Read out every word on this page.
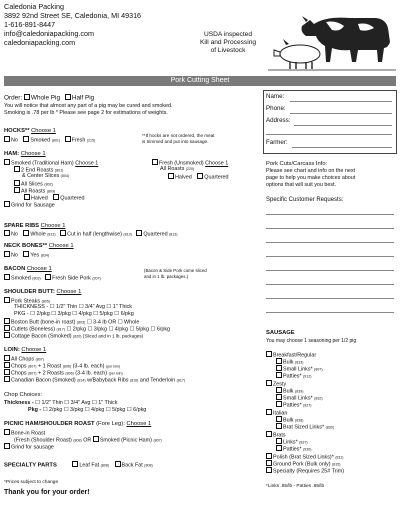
Caledonia Packing
3892 92nd Street SE, Caledonia, MI 49316
1-616-891-8447
info@caledoniapacking.com
caledoniapacking.com
USDA inspected
Kill and Processing
of Livestock
Pork Cutting Sheet
Order: Whole Pig Half Pig
You will notice that almost any part of a pig may be cured and smoked.
Smoking is .78 per lb * Please see page 2 for estimations of weights.
Name:
Phone:
Address:
Farmer:
HOCKS** Choose 1
No Smoked (801) Fresh (215)
**If hocks are not ordered, the meat
is trimmed and put into sausage.
HAM: Choose 1
Smoked (Traditional Ham) Choose 1
2 End Roasts (801)
& Center Slices (804)
All Slices (802)
All Roasts (809)
Halved Quartered
Grind for Sausage
Fresh (Unsmoked) Choose 1
All Roasts (220)
Halved Quartered
Pork Cuts/Carcass Info:
Please see chart and info on the next
page to help you make choices about
options that will suit you best.
Specific Customer Requests:
SPARE RIBS Choose 1
No Whole (813) Cut in half (lengthwise) (813) Quartered (813)
NECK BONES** Choose 1
No Yes (834)
BACON Choose 1
Smoked (803) Fresh Side Pork (207)
(Bacon & Side Pork come sliced
and in 1 lb. packages.)
SHOULDER BUTT: Choose 1
Pork Steaks (805)
THICKNESS - ☐ 1/2" Thin ☐ 3/4" Avg ☐ 1" Thick
PKG - ☐ 2/pkg ☐ 3/pkg ☐ 4/pkg ☐ 5/pkg ☐ 6/pkg
Boston Butt (bone-in roast) (803) ☐ 3-4 lb OR ☐ Whole
Cutlets (Boneless) (817) ☐ 2/pkg ☐ 3/pkg ☐ 4/pkg ☐ 5/pkg ☐ 6/pkg
Cottage Bacon (Smoked) (820) (Sliced and in 1 lb. packages)
LOIN: Choose 1
All Chops (807)
Chops (807) + 1 Roast (806) (3-4 lb. each) (per loin)
Chops (807) + 2 Roasts (806) (3-4 lb. each) (per loin)
Canadian Bacon (Smoked) (814) w/Babyback Ribs (816) and Tenderloin (817)
Chop Choices:
Thickness - ☐ 1/2" Thin ☐ 3/4" Avg ☐ 1" Thick
Pkg - ☐ 2/pkg ☐ 3/pkg ☐ 4/pkg ☐ 5/pkg ☐ 6/pkg
PICNIC HAM/SHOULDER ROAST (Fore Leg): Choose 1
Bone-in Roast
(Fresh (Shoulder Roast) (808) OR Smoked (Picnic Ham) (807)
Grind for sausage
SPECIALTY PARTS	Leaf Fat (808) Back Fat (808)
*Prices subject to change
Thank you for your order!
SAUSAGE
You may choose 1 seasoning per 1/2 pig
Breakfast/Regular
Bulk (833)
Small Links* (807)
Patties* (912)
Zesty
Bulk (839)
Small Links* (832)
Patties* (927)
Italian
Bulk (838)
Brat Sized Links* (830)
Brats
Links* (837)
Patties* (930)
Polish (Brat Sized Links)* (811)
Ground Pork (Bulk only) (815)
Specialty (Requires 25# Trim)
*Links .85/lb - Patties .65/lb
